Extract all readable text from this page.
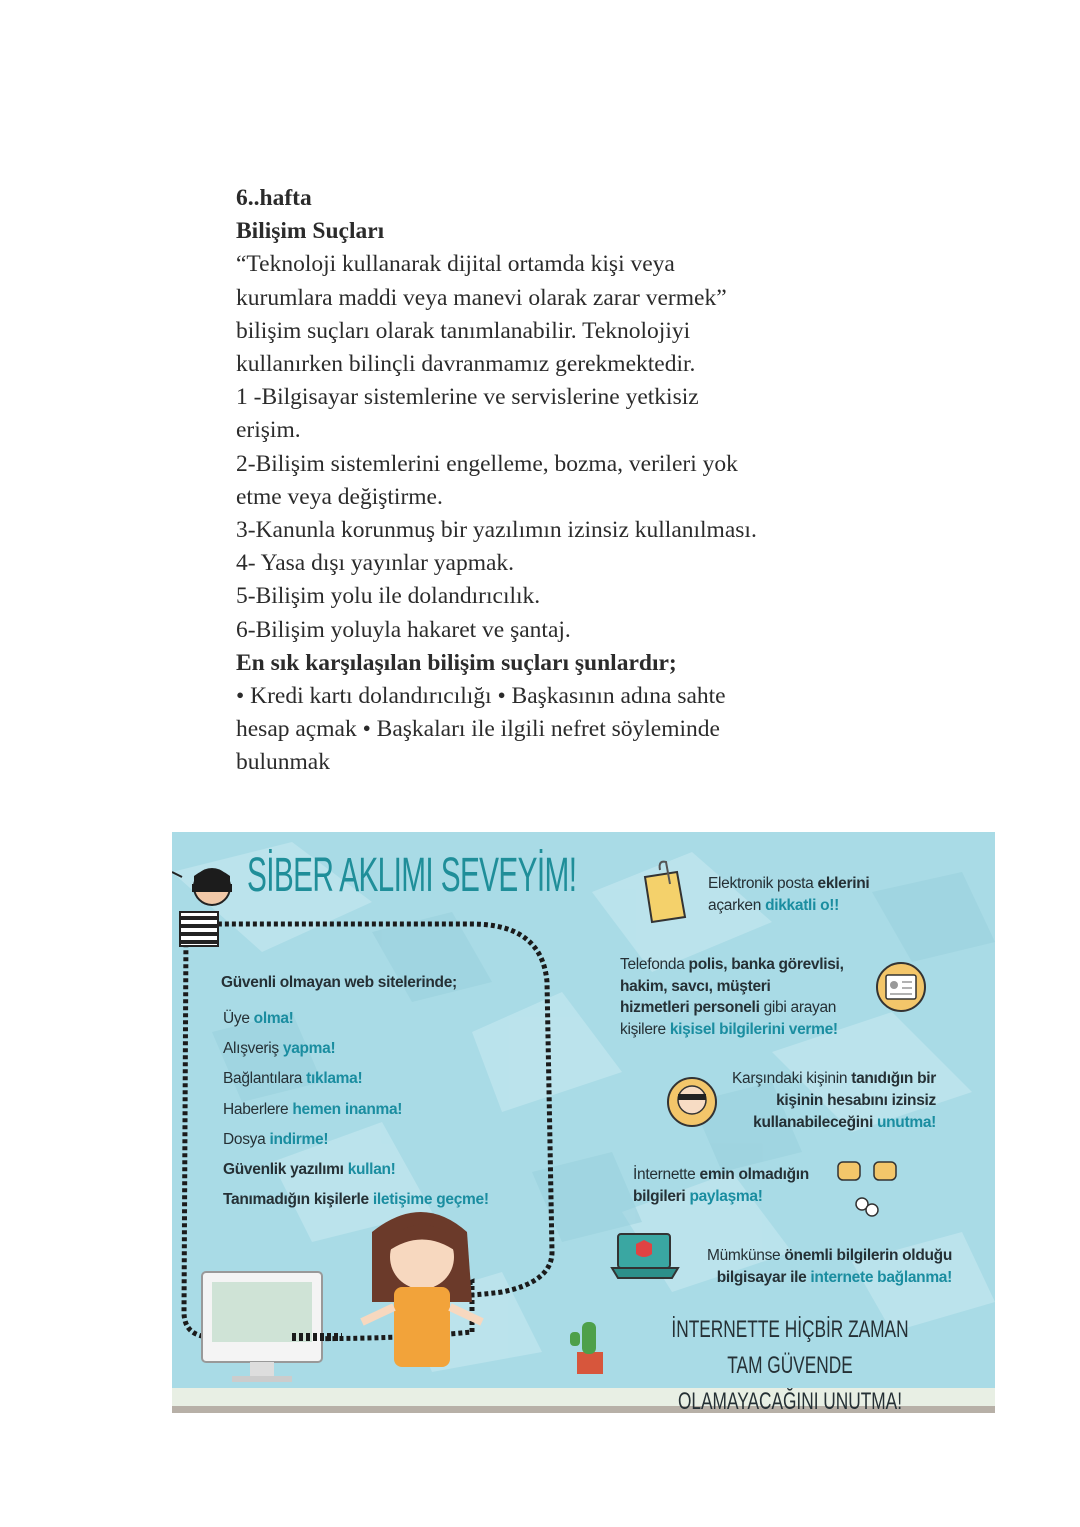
6..hafta
Bilişim Suçları
“Teknoloji kullanarak dijital ortamda kişi veya
kurumlara maddi veya manevi olarak zarar vermek”
bilişim suçları olarak tanımlanabilir. Teknolojiyi
kullanırken bilinçli davranmamız gerekmektedir.
1 -Bilgisayar sistemlerine ve servislerine yetkisiz
erişim.
2-Bilişim sistemlerini engelleme, bozma, verileri yok
etme veya değiştirme.
3-Kanunla korunmuş bir yazılımın izinsiz kullanılması.
4- Yasa dışı yayınlar yapmak.
5-Bilişim yolu ile dolandırıcılık.
6-Bilişim yoluyla hakaret ve şantaj.
En sık karşılaşılan bilişim suçları şunlardır;
• Kredi kartı dolandırıcılığı • Başkasının adına sahte
hesap açmak • Başkaları ile ilgili nefret söyleminde
bulunmak
SİBER AKLIMI SEVEYİM!
Güvenli olmayan web sitelerinde;
Üye olma!
Alışveriş yapma!
Bağlantılara tıklama!
Haberlere hemen inanma!
Dosya indirme!
Güvenlik yazılımı kullan!
Tanımadığın kişilerle iletişime geçme!
Elektronik posta eklerini
açarken dikkatli o!!
Telefonda polis, banka görevlisi,
hakim, savcı, müşteri
hizmetleri personeli gibi arayan
kişilere kişisel bilgilerini verme!
Karşındaki kişinin tanıdığın bir
kişinin hesabını izinsiz
kullanabileceğini unutma!
İnternette emin olmadığın
bilgileri paylaşma!
Mümkünse önemli bilgilerin olduğu
bilgisayar ile internete bağlanma!
İNTERNETTE HİÇBİR ZAMAN TAM GÜVENDE
OLAMAYACAĞINI UNUTMA!
